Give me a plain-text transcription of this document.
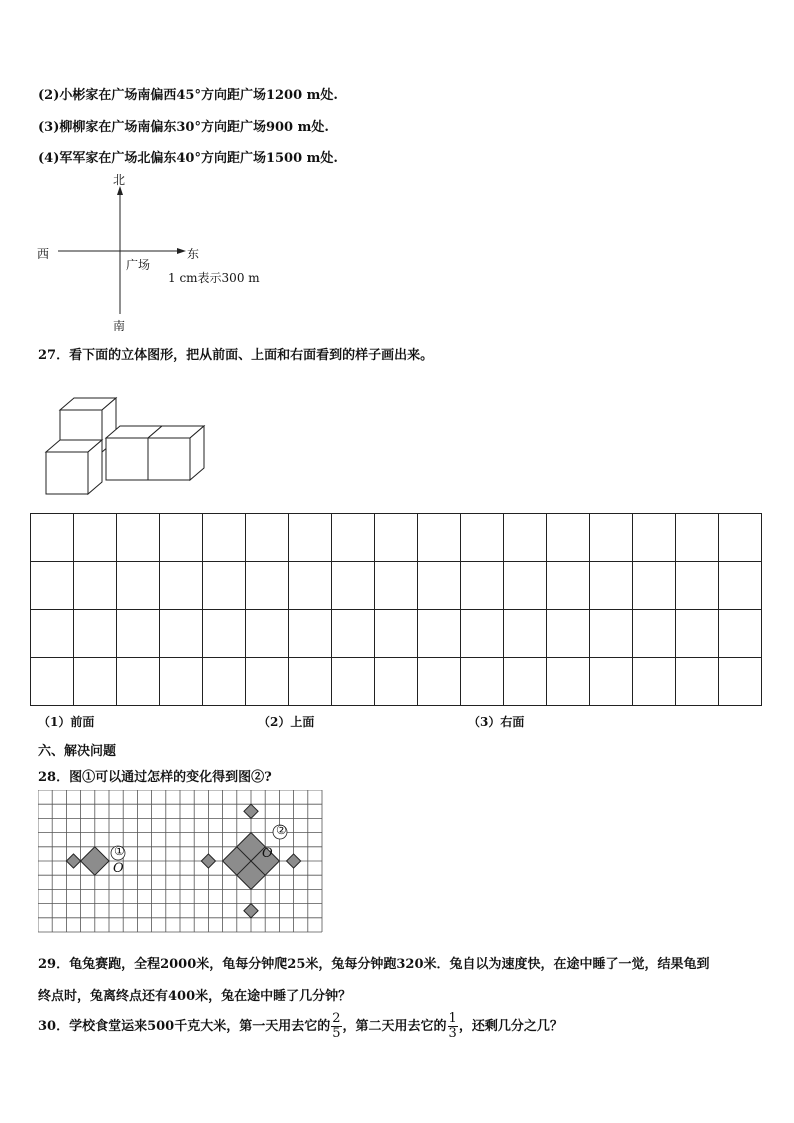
(2)小彬家在广场南偏西45°方向距广场1200 m处.
(3)柳柳家在广场南偏东30°方向距广场900 m处.
(4)军军家在广场北偏东40°方向距广场1500 m处.
北
南
西	东
广场
1 cm表示300 m
27．看下面的立体图形，把从前面、上面和右面看到的样子画出来。

（1）前面	（2）上面	（3）右面
六、解决问题
28．图①可以通过怎样的变化得到图②?
①
②
O
O
29．龟兔赛跑，全程2000米，龟每分钟爬25米，兔每分钟跑320米．兔自以为速度快，在途中睡了一觉，结果龟到
终点时，兔离终点还有400米，兔在途中睡了几分钟？
30．学校食堂运来500千克大米，第一天用去它的 $\frac{2}{5}$ ，第二天用去它的 $\frac{1}{3}$ ，还剩几分之几？
